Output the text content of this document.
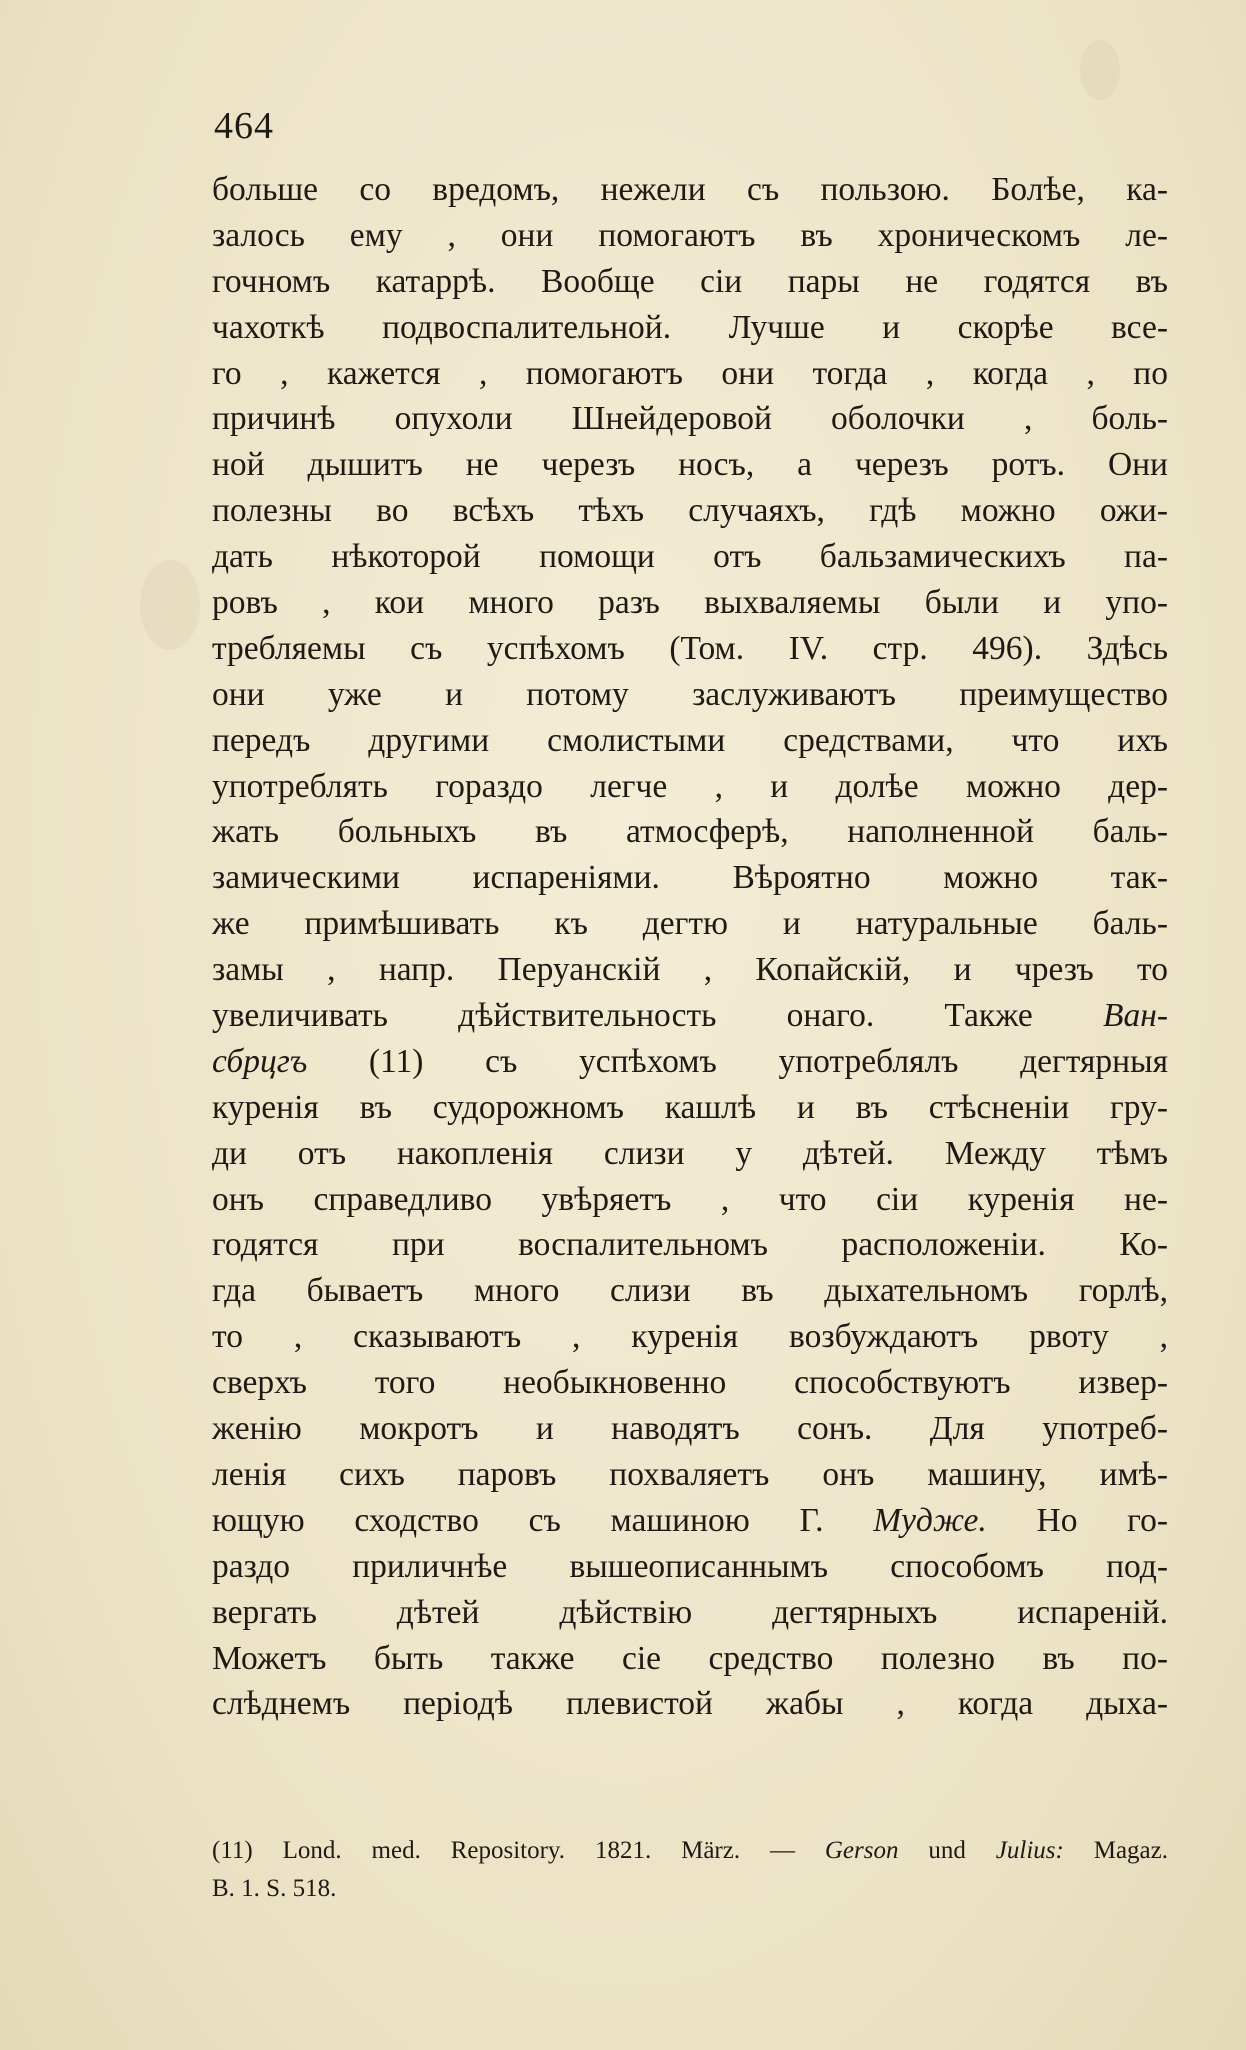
464
больше со вредомъ, нежели съ пользою. Болѣе, ка-
залось ему , они помогаютъ въ хроническомъ ле-
гочномъ катаррѣ. Вообще сіи пары не годятся въ
чахоткѣ подвоспалительной. Лучше и скорѣе все-
го , кажется , помогаютъ они тогда , когда , по
причинѣ опухоли Шнейдеровой оболочки , боль-
ной дышитъ не черезъ носъ, а черезъ ротъ. Они
полезны во всѣхъ тѣхъ случаяхъ, гдѣ можно ожи-
дать нѣкоторой помощи отъ бальзамическихъ па-
ровъ , кои много разъ выхваляемы были и упо-
требляемы съ успѣхомъ (Том. IV. стр. 496). Здѣсь
они уже и потому заслуживаютъ преимущество
передъ другими смолистыми средствами, что ихъ
употреблять гораздо легче , и долѣе можно дер-
жать больныхъ въ атмосферѣ, наполненной баль-
замическими испареніями. Вѣроятно можно так-
же примѣшивать къ дегтю и натуральные баль-
замы , напр. Перуанскій , Копайскій, и чрезъ то
увеличивать дѣйствительность онаго. Также Ван-
сбрцгъ (11) съ успѣхомъ употреблялъ дегтярныя
куренія въ судорожномъ кашлѣ и въ стѣсненіи гру-
ди отъ накопленія слизи у дѣтей. Между тѣмъ
онъ справедливо увѣряетъ , что сіи куренія не-
годятся при воспалительномъ расположеніи. Ко-
гда бываетъ много слизи въ дыхательномъ горлѣ,
то , сказываютъ , куренія возбуждаютъ рвоту ,
сверхъ того необыкновенно способствуютъ извер-
женію мокротъ и наводятъ сонъ. Для употреб-
ленія сихъ паровъ похваляетъ онъ машину, имѣ-
ющую сходство съ машиною Г. Мудже. Но го-
раздо приличнѣе вышеописаннымъ способомъ под-
вергать дѣтей дѣйствію дегтярныхъ испареній.
Можетъ быть также сіе средство полезно въ по-
слѣднемъ періодѣ плевистой жабы , когда дыха-
(11) Lond. med. Repository. 1821. März. — Gerson und Julius: Magaz.
B. 1. S. 518.
